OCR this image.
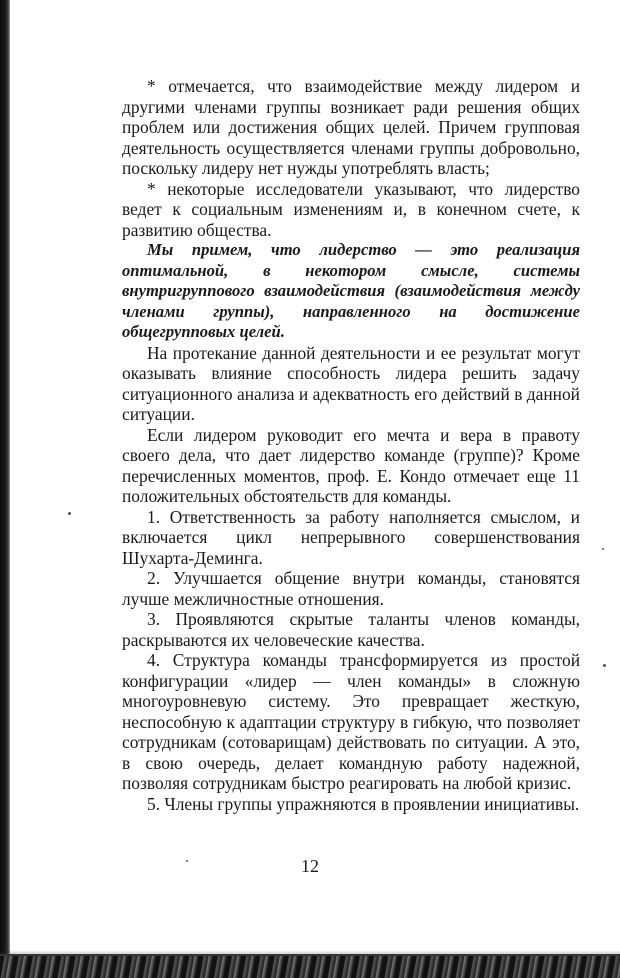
* отмечается, что взаимодействие между лидером и другими членами группы возникает ради решения общих проблем или достижения общих целей. Причем групповая деятельность осуществляется членами группы добровольно, поскольку лидеру нет нужды употреблять власть;

* некоторые исследователи указывают, что лидерство ведет к социальным изменениям и, в конечном счете, к развитию общества.

Мы примем, что лидерство — это реализация оптимальной, в некотором смысле, системы внутригруппового взаимодействия (взаимодействия между членами группы), направленного на достижение общегрупповых целей.

На протекание данной деятельности и ее результат могут оказывать влияние способность лидера решить задачу ситуационного анализа и адекватность его действий в данной ситуации.

Если лидером руководит его мечта и вера в правоту своего дела, что дает лидерство команде (группе)? Кроме перечисленных моментов, проф. Е. Кондо отмечает еще 11 положительных обстоятельств для команды.

1. Ответственность за работу наполняется смыслом, и включается цикл непрерывного совершенствования Шухарта-Деминга.

2. Улучшается общение внутри команды, становятся лучше межличностные отношения.

3. Проявляются скрытые таланты членов команды, раскрываются их человеческие качества.

4. Структура команды трансформируется из простой конфигурации «лидер — член команды» в сложную многоуровневую систему. Это превращает жесткую, неспособную к адаптации структуру в гибкую, что позволяет сотрудникам (сотоварищам) действовать по ситуации. А это, в свою очередь, делает командную работу надежной, позволяя сотрудникам быстро реагировать на любой кризис.

5. Члены группы упражняются в проявлении инициативы.

12
